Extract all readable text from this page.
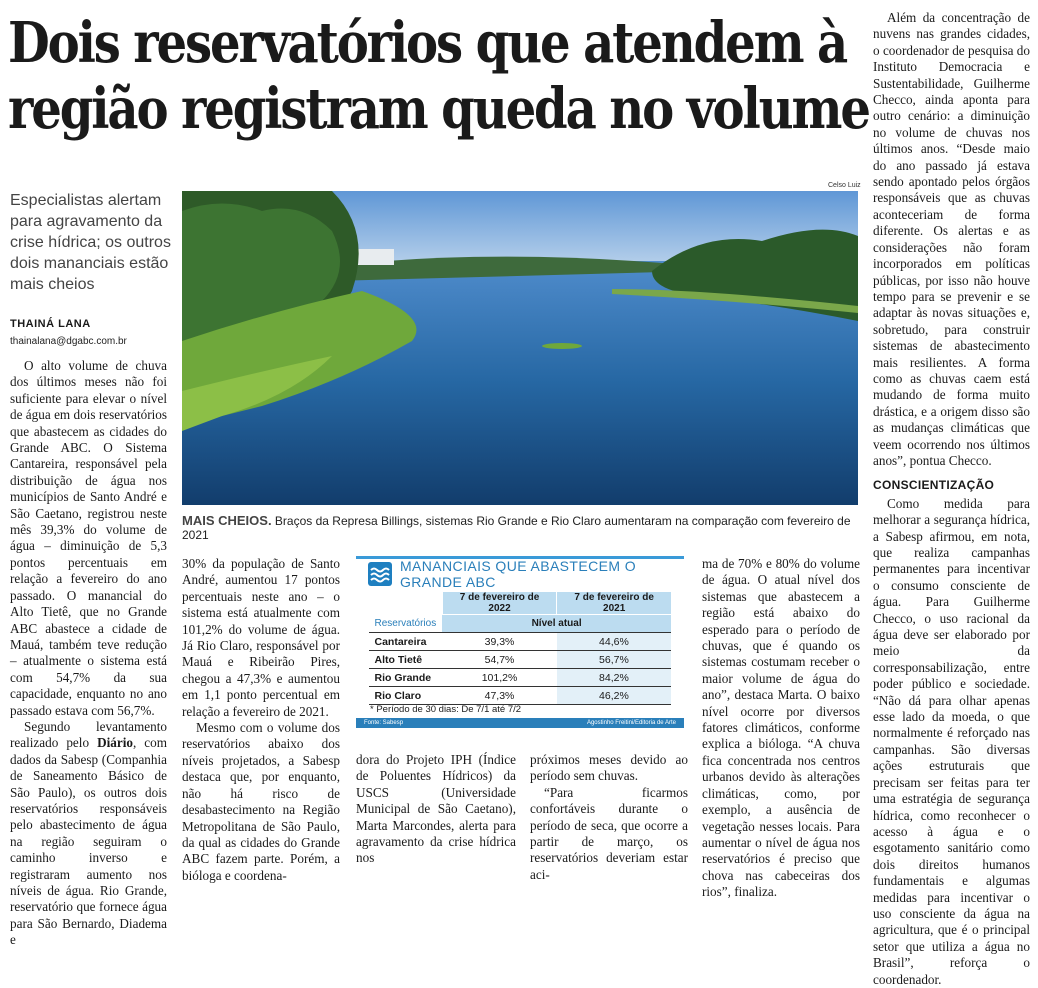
Dois reservatórios que atendem à
região registram queda no volume
Especialistas alertam para agravamento da crise hídrica; os outros dois mananciais estão mais cheios
THAINÁ LANA
thainalana@dgabc.com.br

O alto volume de chuva dos últimos meses não foi suficiente para elevar o nível de água em dois reservatórios que abastecem as cidades do Grande ABC. O Sistema Cantareira, responsável pela distribuição de água nos municípios de Santo André e São Caetano, registrou neste mês 39,3% do volume de água – diminuição de 5,3 pontos percentuais em relação a fevereiro do ano passado. O manancial do Alto Tietê, que no Grande ABC abastece a cidade de Mauá, também teve redução – atualmente o sistema está com 54,7% da sua capacidade, enquanto no ano passado estava com 56,7%.

Segundo levantamento realizado pelo Diário, com dados da Sabesp (Companhia de Saneamento Básico de São Paulo), os outros dois reservatórios responsáveis pelo abastecimento de água na região seguiram o caminho inverso e registraram aumento nos níveis de água. Rio Grande, reservatório que fornece água para São Bernardo, Diadema e

Celso Luiz
MAIS CHEIOS. Braços da Represa Billings, sistemas Rio Grande e Rio Claro aumentaram na comparação com fevereiro de 2021

30% da população de Santo André, aumentou 17 pontos percentuais neste ano – o sistema está atualmente com 101,2% do volume de água. Já Rio Claro, responsável por Mauá e Ribeirão Pires, chegou a 47,3% e aumentou em 1,1 ponto percentual em relação a fevereiro de 2021.

Mesmo com o volume dos reservatórios abaixo dos níveis projetados, a Sabesp destaca que, por enquanto, não há risco de desabastecimento na Região Metropolitana de São Paulo, da qual as cidades do Grande ABC fazem parte. Porém, a bióloga e coordena-

MANANCIAIS QUE ABASTECEM O GRANDE ABC
	7 de fevereiro de 2022	7 de fevereiro de 2021
Reservatórios	Nível atual	
Cantareira	39,3%	44,6%
Alto Tietê	54,7%	56,7%
Rio Grande	101,2%	84,2%
Rio Claro	47,3%	46,2%
* Período de 30 dias: De 7/1 até 7/2
Fonte: Sabesp	Agostinho Freitini/Editoria de Arte

dora do Projeto IPH (Índice de Poluentes Hídricos) da USCS (Universidade Municipal de São Caetano), Marta Marcondes, alerta para agravamento da crise hídrica nos

próximos meses devido ao período sem chuvas.

“Para ficarmos confortáveis durante o período de seca, que ocorre a partir de março, os reservatórios deveriam estar aci-

ma de 70% e 80% do volume de água. O atual nível dos sistemas que abastecem a região está abaixo do esperado para o período de chuvas, que é quando os sistemas costumam receber o maior volume de água do ano”, destaca Marta. O baixo nível ocorre por diversos fatores climáticos, conforme explica a bióloga. “A chuva fica concentrada nos centros urbanos devido às alterações climáticas, como, por exemplo, a ausência de vegetação nesses locais. Para aumentar o nível de água nos reservatórios é preciso que chova nas cabeceiras dos rios”, finaliza.

Além da concentração de nuvens nas grandes cidades, o coordenador de pesquisa do Instituto Democracia e Sustentabilidade, Guilherme Checco, ainda aponta para outro cenário: a diminuição no volume de chuvas nos últimos anos. “Desde maio do ano passado já estava sendo apontado pelos órgãos responsáveis que as chuvas aconteceriam de forma diferente. Os alertas e as considerações não foram incorporados em políticas públicas, por isso não houve tempo para se prevenir e se adaptar às novas situações e, sobretudo, para construir sistemas de abastecimento mais resilientes. A forma como as chuvas caem está mudando de forma muito drástica, e a origem disso são as mudanças climáticas que veem ocorrendo nos últimos anos”, pontua Checco.

CONSCIENTIZAÇÃO

Como medida para melhorar a segurança hídrica, a Sabesp afirmou, em nota, que realiza campanhas permanentes para incentivar o consumo consciente de água. Para Guilherme Checco, o uso racional da água deve ser elaborado por meio da corresponsabilização, entre poder público e sociedade. “Não dá para olhar apenas esse lado da moeda, o que normalmente é reforçado nas campanhas. São diversas ações estruturais que precisam ser feitas para ter uma estratégia de segurança hídrica, como reconhecer o acesso à água e o esgotamento sanitário como dois direitos humanos fundamentais e algumas medidas para incentivar o uso consciente da água na agricultura, que é o principal setor que utiliza a água no Brasil”, reforça o coordenador.
